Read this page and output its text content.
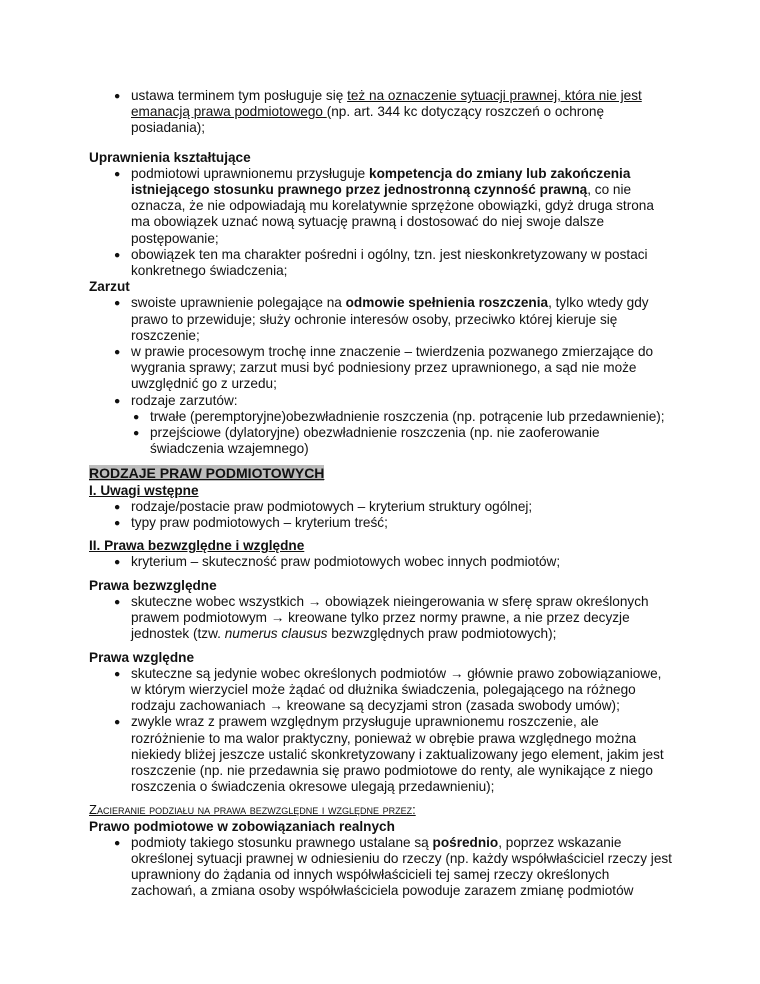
● ustawa terminem tym posługuje się też na oznaczenie sytuacji prawnej, która nie jest emanacją prawa podmiotowego (np. art. 344 kc dotyczący roszczeń o ochronę posiadania);

Uprawnienia kształtujące

● podmiotowi uprawnionemu przysługuje kompetencja do zmiany lub zakończenia istniejącego stosunku prawnego przez jednostronną czynność prawną, co nie oznacza, że nie odpowiadają mu korelatywnie sprzężone obowiązki, gdyż druga strona ma obowiązek uznać nową sytuację prawną i dostosować do niej swoje dalsze postępowanie;
● obowiązek ten ma charakter pośredni i ogólny, tzn. jest nieskonkretyzowany w postaci konkretnego świadczenia;

Zarzut

● swoiste uprawnienie polegające na odmowie spełnienia roszczenia, tylko wtedy gdy prawo to przewiduje; służy ochronie interesów osoby, przeciwko której kieruje się roszczenie;
● w prawie procesowym trochę inne znaczenie – twierdzenia pozwanego zmierzające do wygrania sprawy; zarzut musi być podniesiony przez uprawnionego, a sąd nie może uwzględnić go z urzedu;
● rodzaje zarzutów:
● trwałe (peremptoryjne)obezwładnienie roszczenia (np. potrącenie lub przedawnienie);
● przejściowe (dylatoryjne) obezwładnienie roszczenia (np. nie zaoferowanie świadczenia wzajemnego)

RODZAJE PRAW PODMIOTOWYCH

I. Uwagi wstępne

● rodzaje/postacie praw podmiotowych – kryterium struktury ogólnej;
● typy praw podmiotowych – kryterium treść;

II. Prawa bezwzględne i względne

● kryterium – skuteczność praw podmiotowych wobec innych podmiotów;

Prawa bezwzględne

● skuteczne wobec wszystkich → obowiązek nieingerowania w sferę spraw określonych prawem podmiotowym → kreowane tylko przez normy prawne, a nie przez decyzje jednostek (tzw. numerus clausus bezwzględnych praw podmiotowych);

Prawa względne

● skuteczne są jedynie wobec określonych podmiotów → głównie prawo zobowiązaniowe, w którym wierzyciel może żądać od dłużnika świadczenia, polegającego na różnego rodzaju zachowaniach → kreowane są decyzjami stron (zasada swobody umów);
● zwykle wraz z prawem względnym przysługuje uprawnionemu roszczenie, ale rozróżnienie to ma walor praktyczny, ponieważ w obrębie prawa względnego można niekiedy bliżej jeszcze ustalić skonkretyzowany i zaktualizowany jego element, jakim jest roszczenie (np. nie przedawnia się prawo podmiotowe do renty, ale wynikające z niego roszczenia o świadczenia okresowe ulegają przedawnieniu);

Zacieranie podziału na prawa bezwzględne i względne przez:

Prawo podmiotowe w zobowiązaniach realnych

● podmioty takiego stosunku prawnego ustalane są pośrednio, poprzez wskazanie określonej sytuacji prawnej w odniesieniu do rzeczy (np. każdy współwłaściciel rzeczy jest uprawniony do żądania od innych współwłaścicieli tej samej rzeczy określonych zachowań, a zmiana osoby współwłaściciela powoduje zarazem zmianę podmiotów
